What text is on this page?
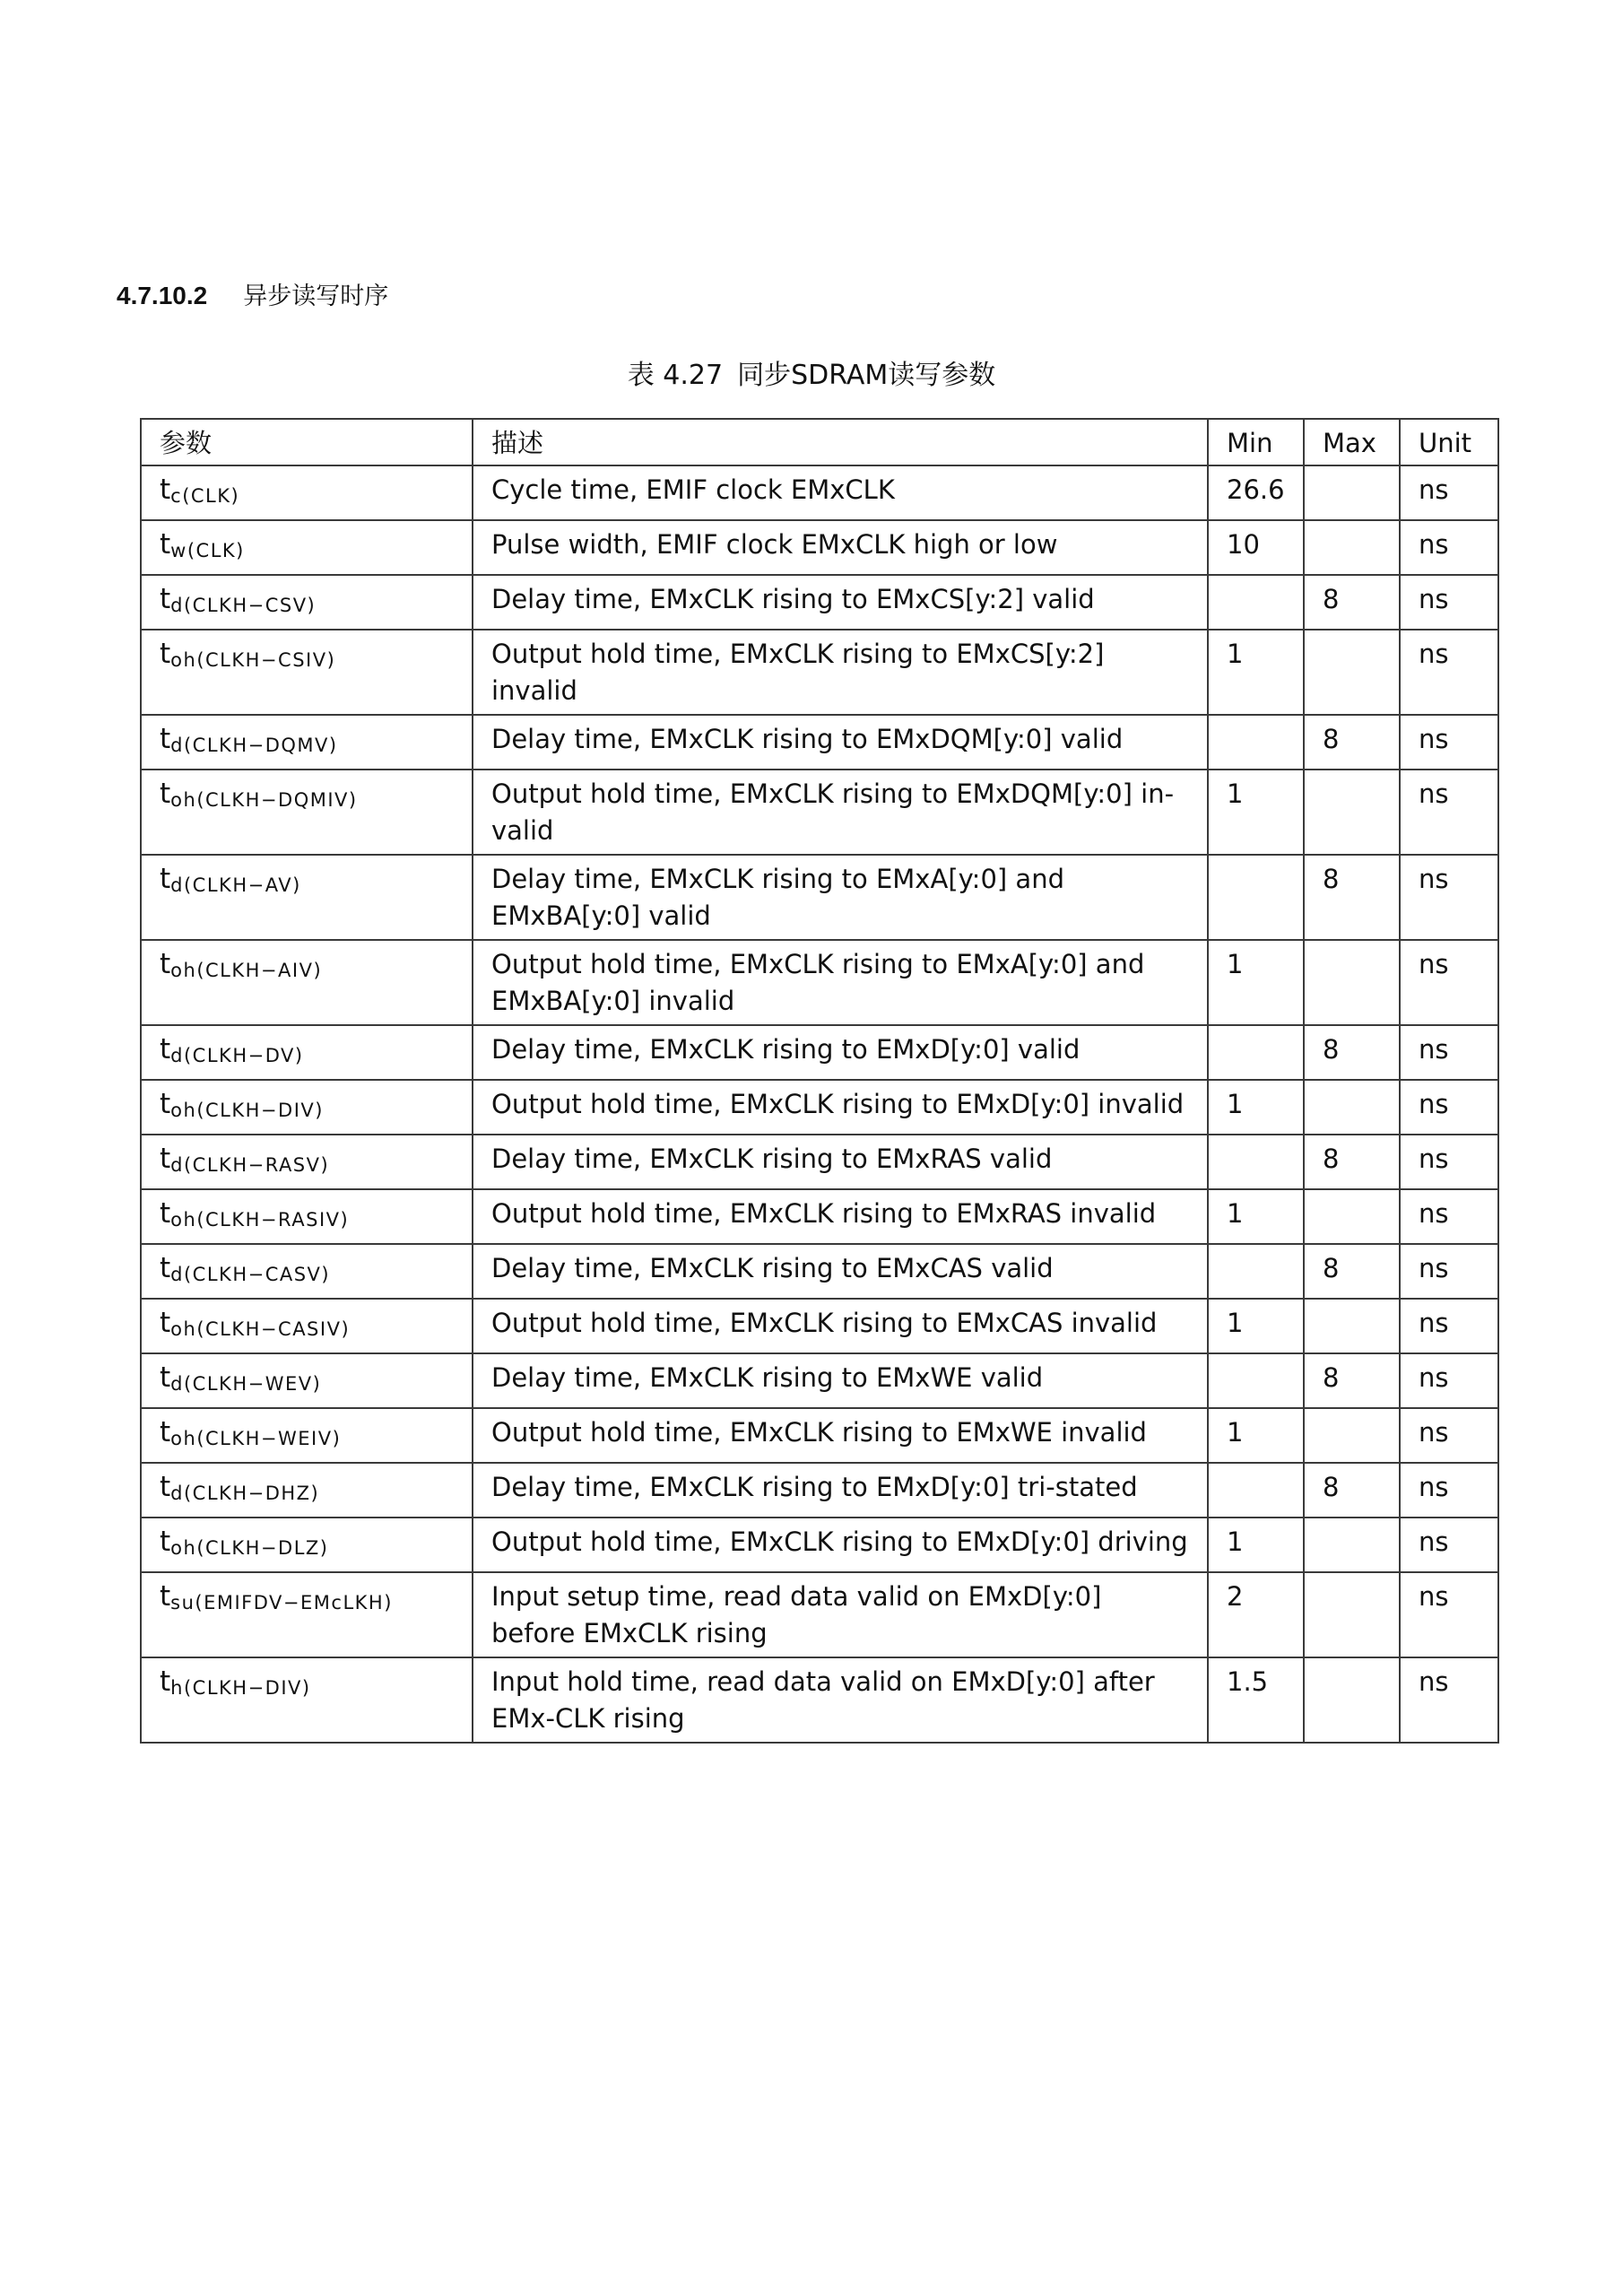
4.7.10.2 异步读写时序
表 4.27 同步SDRAM读写参数
参数	描述	Min	Max	Unit
$t_{c(CLK)}$	Cycle time, EMIF clock EMxCLK	26.6		ns
$t_{w(CLK)}$	Pulse width, EMIF clock EMxCLK high or low	10		ns
$t_{d(CLKH-CSV)}$	Delay time, EMxCLK rising to EMxCS[y:2] valid		8	ns
$t_{oh(CLKH-CSIV)}$	Output hold time, EMxCLK rising to EMxCS[y:2] invalid	1		ns
$t_{d(CLKH-DQMV)}$	Delay time, EMxCLK rising to EMxDQM[y:0] valid		8	ns
$t_{oh(CLKH-DQMIV)}$	Output hold time, EMxCLK rising to EMxDQM[y:0] in-valid	1		ns
$t_{d(CLKH-AV)}$	Delay time, EMxCLK rising to EMxA[y:0] and EMxBA[y:0] valid		8	ns
$t_{oh(CLKH-AIV)}$	Output hold time, EMxCLK rising to EMxA[y:0] and EMxBA[y:0] invalid	1		ns
$t_{d(CLKH-DV)}$	Delay time, EMxCLK rising to EMxD[y:0] valid		8	ns
$t_{oh(CLKH-DIV)}$	Output hold time, EMxCLK rising to EMxD[y:0] invalid	1		ns
$t_{d(CLKH-RASV)}$	Delay time, EMxCLK rising to EMxRAS valid		8	ns
$t_{oh(CLKH-RASIV)}$	Output hold time, EMxCLK rising to EMxRAS invalid	1		ns
$t_{d(CLKH-CASV)}$	Delay time, EMxCLK rising to EMxCAS valid		8	ns
$t_{oh(CLKH-CASIV)}$	Output hold time, EMxCLK rising to EMxCAS invalid	1		ns
$t_{d(CLKH-WEV)}$	Delay time, EMxCLK rising to EMxWE valid		8	ns
$t_{oh(CLKH-WEIV)}$	Output hold time, EMxCLK rising to EMxWE invalid	1		ns
$t_{d(CLKH-DHZ)}$	Delay time, EMxCLK rising to EMxD[y:0] tri-stated		8	ns
$t_{oh(CLKH-DLZ)}$	Output hold time, EMxCLK rising to EMxD[y:0] driving	1		ns
$t_{su(EMIFDV-EMcLKH)}$	Input setup time, read data valid on EMxD[y:0] before EMxCLK rising	2		ns
$t_{h(CLKH-DIV)}$	Input hold time, read data valid on EMxD[y:0] after EMx-CLK rising	1.5		ns
